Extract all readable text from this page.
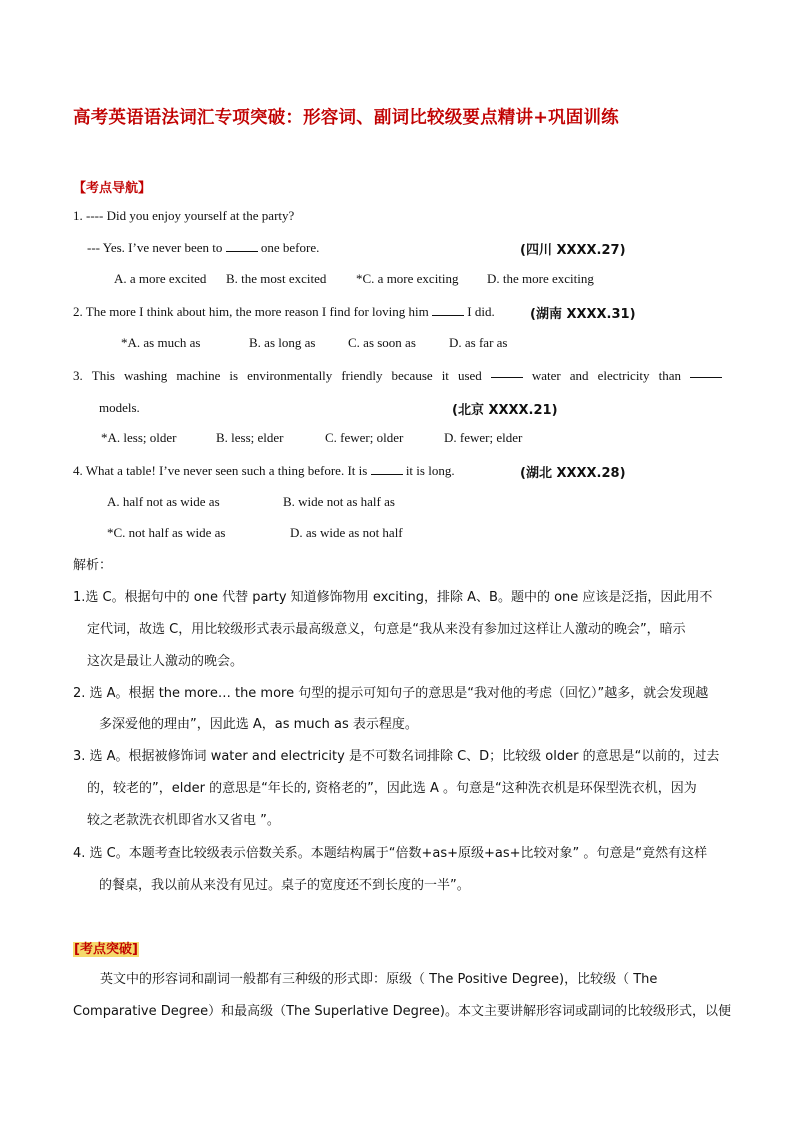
高考英语语法词汇专项突破：形容词、副词比较级要点精讲+巩固训练
【考点导航】
1. ---- Did you enjoy yourself at the party?
--- Yes. I’ve never been to  one before.	(四川 XXXX.27)
A. a more excited B. the most excited *C. a more exciting D. the more exciting
2. The more I think about him, the more reason I find for loving him  I did.	(湖南 XXXX.31)
*A. as much as	B. as long as	C. as soon as	D. as far as
3. This washing machine is environmentally friendly because it used	water and electricity than
models.	(北京 XXXX.21)
*A. less; older	B. less; elder	C. fewer; older	D. fewer; elder
4. What a table! I’ve never seen such a thing before. It is  it is long.	(湖北 XXXX.28)
A. half not as wide as	B. wide not as half as
*C. not half as wide as	D. as wide as not half
解析：
1.选 C。根据句中的 one 代替 party 知道修饰物用 exciting，排除 A、B。题中的 one 应该是泛指，因此用不
定代词，故选 C，用比较级形式表示最高级意义，句意是“我从来没有参加过这样让人激动的晚会”，暗示
这次是最让人激动的晚会。
2. 选 A。根据 the more… the more 句型的提示可知句子的意思是“我对他的考虑（回忆）”越多，就会发现越
多深爱他的理由”，因此选 A，as much as 表示程度。
3. 选 A。根据被修饰词 water and electricity 是不可数名词排除 C、D；比较级 older 的意思是“以前的，过去
的，较老的”，elder 的意思是“年长的, 资格老的”，因此选 A 。句意是“这种洗衣机是环保型洗衣机，因为
较之老款洗衣机即省水又省电 ”。
4. 选 C。本题考查比较级表示倍数关系。本题结构属于“倍数+as+原级+as+比较对象” 。句意是“竟然有这样
的餐桌，我以前从来没有见过。桌子的宽度还不到长度的一半”。
[考点突破]
英文中的形容词和副词一般都有三种级的形式即：原级（ The Positive Degree)，比较级（ The
Comparative Degree）和最高级（The Superlative Degree)。本文主要讲解形容词或副词的比较级形式，以便
